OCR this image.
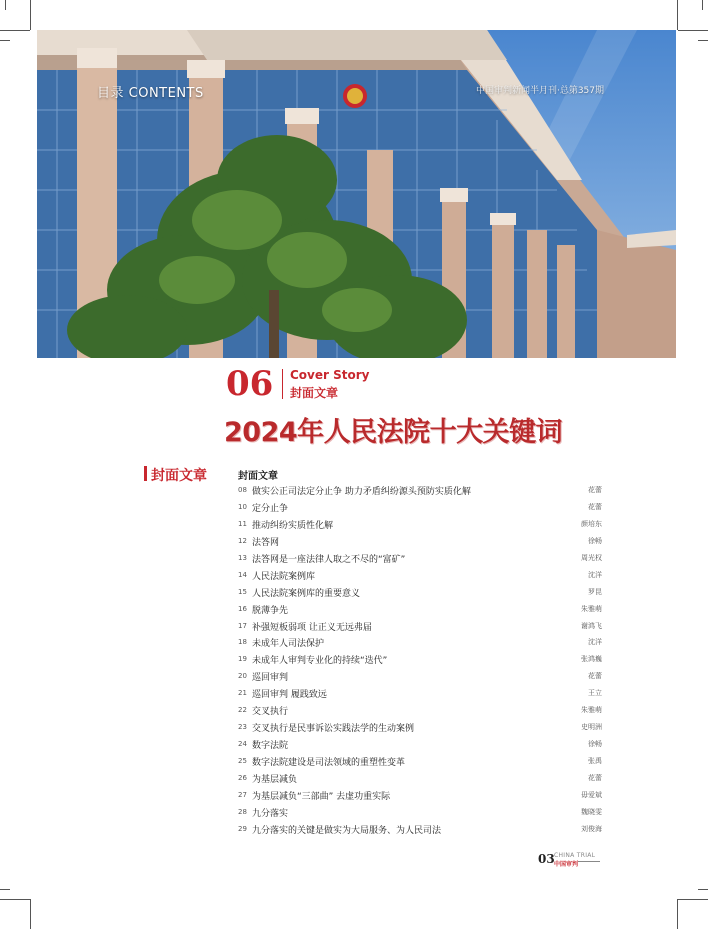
目录 CONTENTS	中国审判新闻半月刊·总第357期
06 Cover Story
封面文章
2024年人民法院十大关键词
封面文章	封面文章
08 做实公正司法定分止争 助力矛盾纠纷源头预防实质化解	花蕾
10 定分止争	花蕾
11 推动纠纷实质性化解	颜培东
12 法答网	徐畅
13 法答网是一座法律人取之不尽的“富矿”	周光权
14 人民法院案例库	沈洋
15 人民法院案例库的重要意义	罗昆
16 脱薄争先	朱雅萌
17 补强短板弱项 让正义无远弗届	谢鸿飞
18 未成年人司法保护	沈洋
19 未成年人审判专业化的持续“迭代”	张鸿巍
20 巡回审判	花蕾
21 巡回审判 履践致远	王立
22 交叉执行	朱雅萌
23 交叉执行是民事诉讼实践法学的生动案例	史明洲
24 数字法院	徐畅
25 数字法院建设是司法领域的重塑性变革	张禹
26 为基层减负	花蕾
27 为基层减负“三部曲” 去虚功重实际	毋爱斌
28 九分落实	魏晓雯
29 九分落实的关键是做实为大局服务、为人民司法	刘俊海
03 CHINA TRIAL
中国审判
